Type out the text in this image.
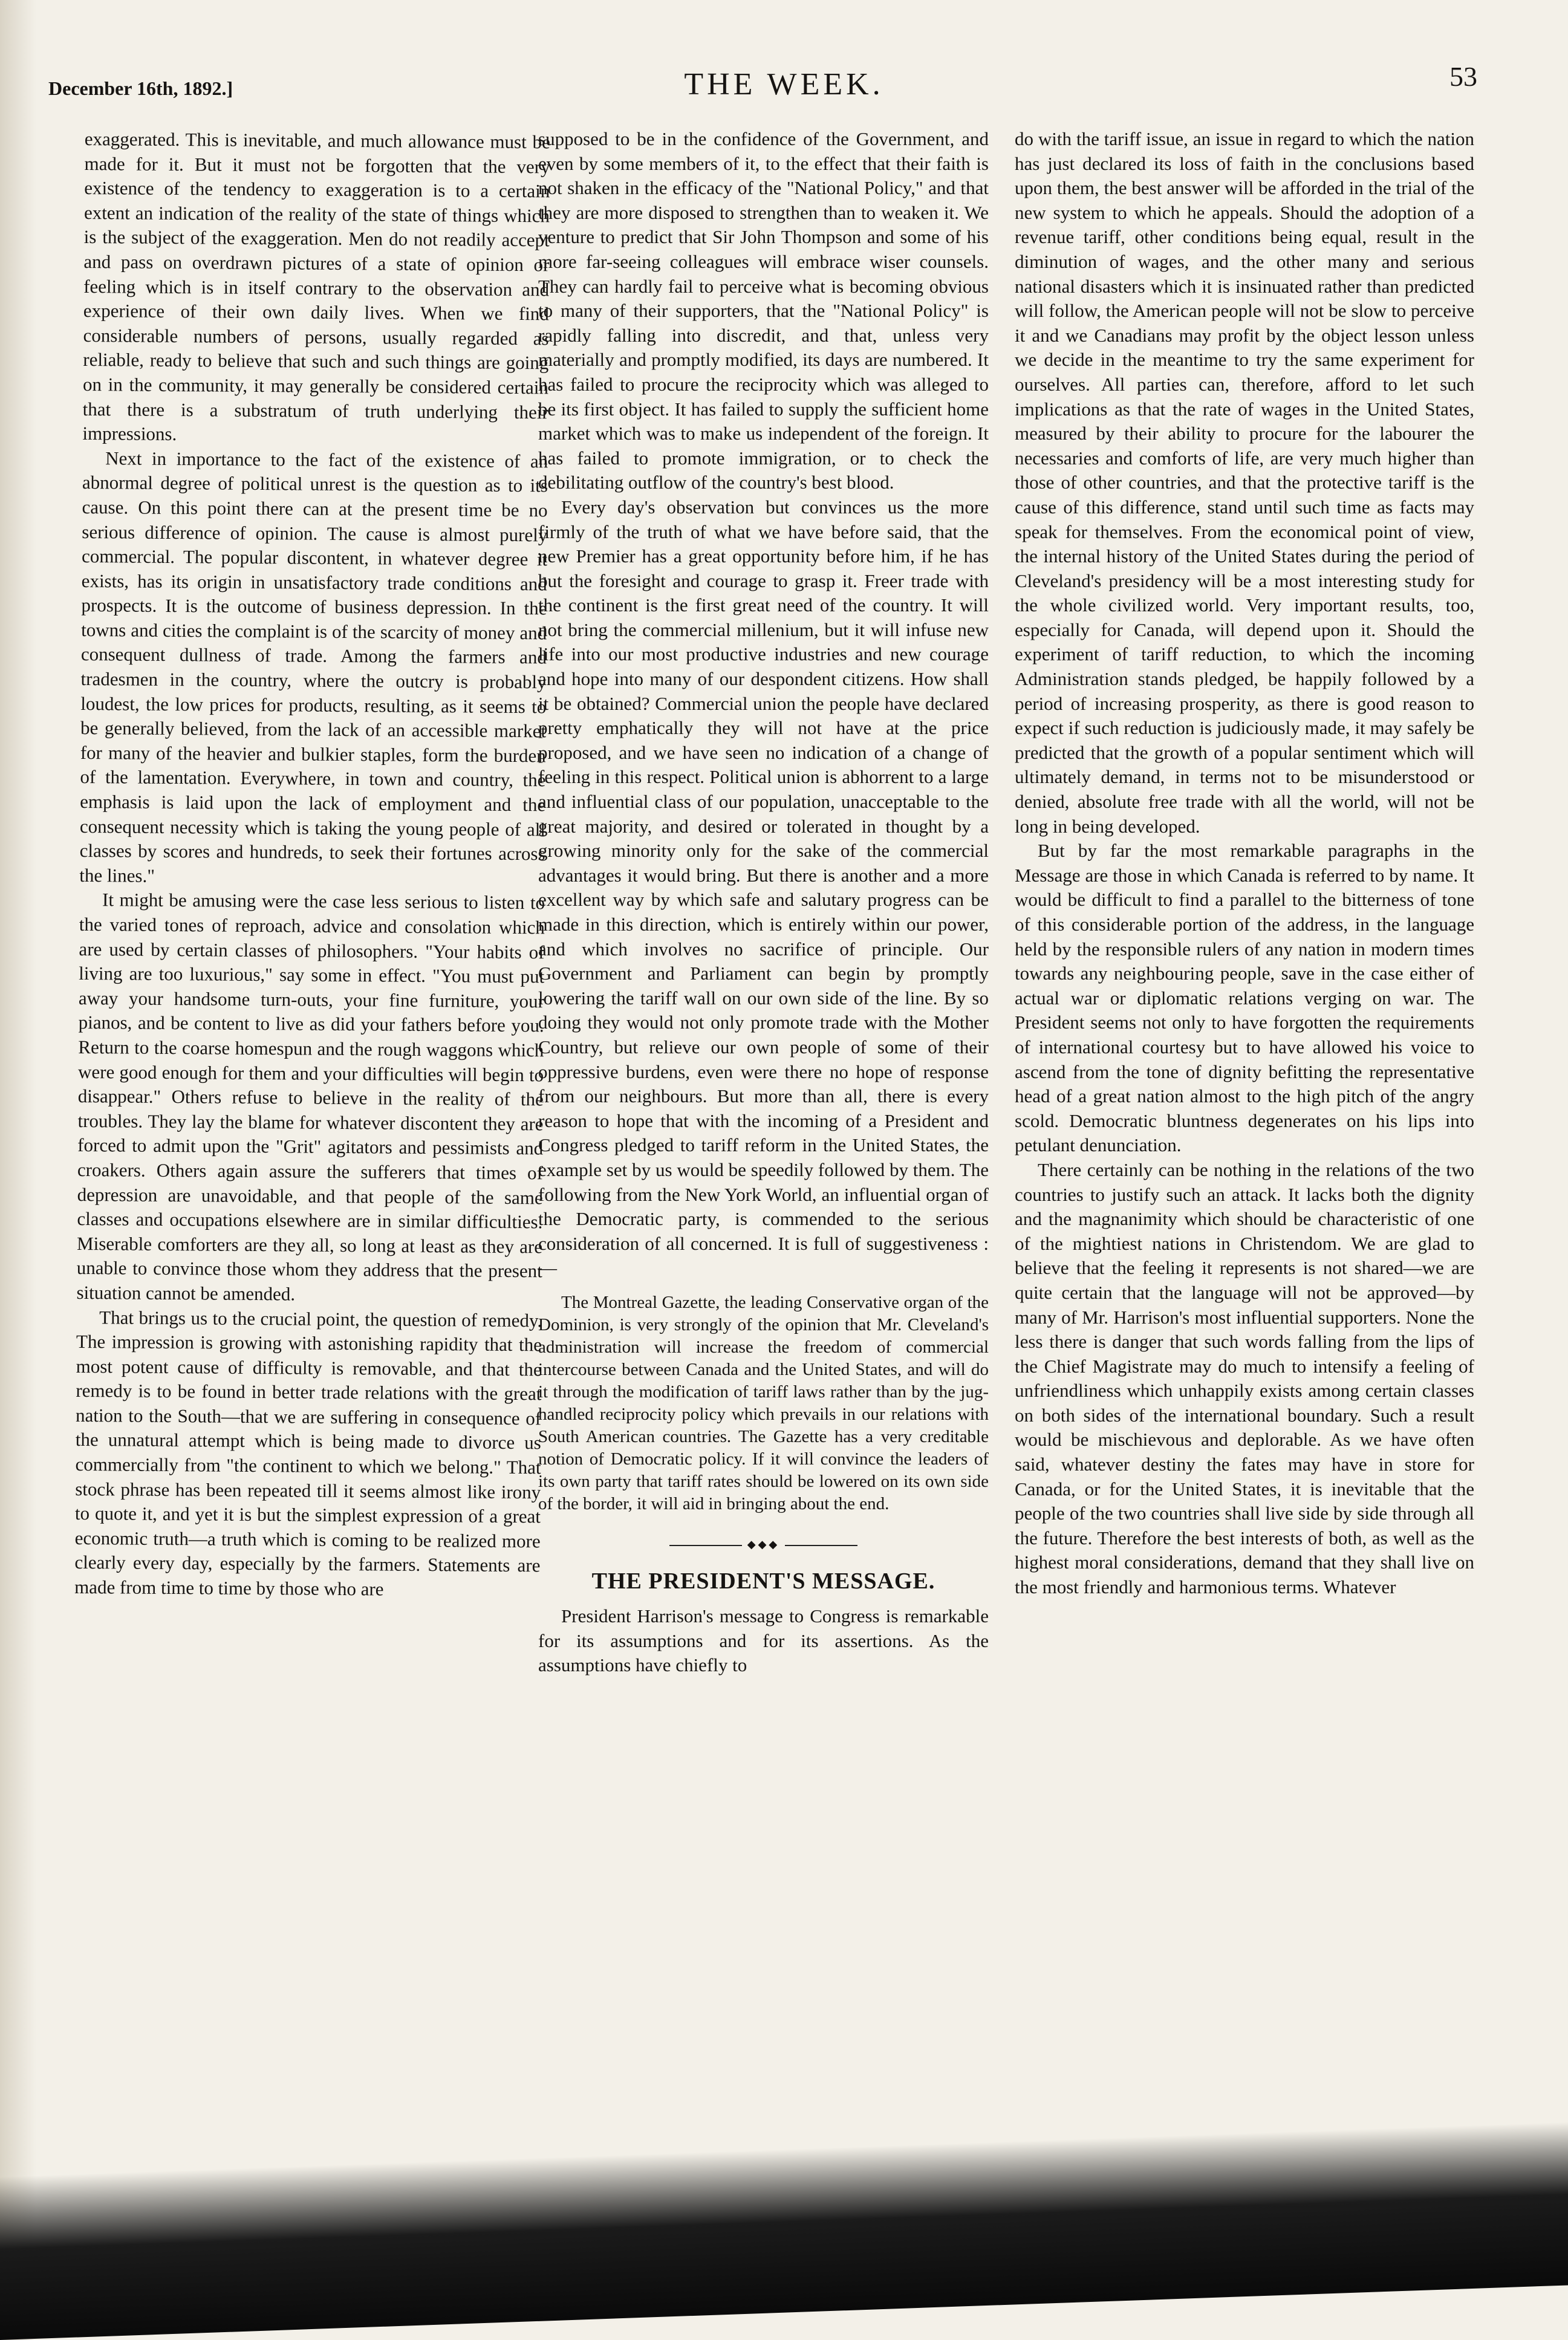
December 16th, 1892.]	THE WEEK.	53

exaggerated. This is inevitable, and much allowance must be made for it. But it must not be forgotten that the very existence of the tendency to exaggeration is to a certain extent an indication of the reality of the state of things which is the subject of the exaggeration. Men do not readily accept and pass on overdrawn pictures of a state of opinion or feeling which is in itself contrary to the observation and experience of their own daily lives. When we find considerable numbers of persons, usually regarded as reliable, ready to believe that such and such things are going on in the community, it may generally be considered certain that there is a substratum of truth underlying their impressions.

Next in importance to the fact of the existence of an abnormal degree of political unrest is the question as to its cause. On this point there can at the present time be no serious difference of opinion. The cause is almost purely commercial. The popular discontent, in whatever degree it exists, has its origin in unsatisfactory trade conditions and prospects. It is the outcome of business depression. In the towns and cities the complaint is of the scarcity of money and consequent dullness of trade. Among the farmers and tradesmen in the country, where the outcry is probably loudest, the low prices for products, resulting, as it seems to be generally believed, from the lack of an accessible market for many of the heavier and bulkier staples, form the burden of the lamentation. Everywhere, in town and country, the emphasis is laid upon the lack of employment and the consequent necessity which is taking the young people of all classes by scores and hundreds, to seek their fortunes across the lines."

It might be amusing were the case less serious to listen to the varied tones of reproach, advice and consolation which are used by certain classes of philosophers. "Your habits of living are too luxurious," say some in effect. "You must put away your handsome turn-outs, your fine furniture, your pianos, and be content to live as did your fathers before you. Return to the coarse homespun and the rough waggons which were good enough for them and your difficulties will begin to disappear." Others refuse to believe in the reality of the troubles. They lay the blame for whatever discontent they are forced to admit upon the "Grit" agitators and pessimists and croakers. Others again assure the sufferers that times of depression are unavoidable, and that people of the same classes and occupations elsewhere are in similar difficulties. Miserable comforters are they all, so long at least as they are unable to convince those whom they address that the present situation cannot be amended.

That brings us to the crucial point, the question of remedy. The impression is growing with astonishing rapidity that the most potent cause of difficulty is removable, and that the remedy is to be found in better trade relations with the great nation to the South—that we are suffering in consequence of the unnatural attempt which is being made to divorce us commercially from "the continent to which we belong." That stock phrase has been repeated till it seems almost like irony to quote it, and yet it is but the simplest expression of a great economic truth—a truth which is coming to be realized more clearly every day, especially by the farmers. Statements are made from time to time by those who are

supposed to be in the confidence of the Government, and even by some members of it, to the effect that their faith is not shaken in the efficacy of the "National Policy," and that they are more disposed to strengthen than to weaken it. We venture to predict that Sir John Thompson and some of his more far-seeing colleagues will embrace wiser counsels. They can hardly fail to perceive what is becoming obvious to many of their supporters, that the "National Policy" is rapidly falling into discredit, and that, unless very materially and promptly modified, its days are numbered. It has failed to procure the reciprocity which was alleged to be its first object. It has failed to supply the sufficient home market which was to make us independent of the foreign. It has failed to promote immigration, or to check the debilitating outflow of the country's best blood.

Every day's observation but convinces us the more firmly of the truth of what we have before said, that the new Premier has a great opportunity before him, if he has but the foresight and courage to grasp it. Freer trade with the continent is the first great need of the country. It will not bring the commercial millenium, but it will infuse new life into our most productive industries and new courage and hope into many of our despondent citizens. How shall it be obtained? Commercial union the people have declared pretty emphatically they will not have at the price proposed, and we have seen no indication of a change of feeling in this respect. Political union is abhorrent to a large and influential class of our population, unacceptable to the great majority, and desired or tolerated in thought by a growing minority only for the sake of the commercial advantages it would bring. But there is another and a more excellent way by which safe and salutary progress can be made in this direction, which is entirely within our power, and which involves no sacrifice of principle. Our Government and Parliament can begin by promptly lowering the tariff wall on our own side of the line. By so doing they would not only promote trade with the Mother Country, but relieve our own people of some of their oppressive burdens, even were there no hope of response from our neighbours. But more than all, there is every reason to hope that with the incoming of a President and Congress pledged to tariff reform in the United States, the example set by us would be speedily followed by them. The following from the New York World, an influential organ of the Democratic party, is commended to the serious consideration of all concerned. It is full of suggestiveness :—

The Montreal Gazette, the leading Conservative organ of the Dominion, is very strongly of the opinion that Mr. Cleveland's administration will increase the freedom of commercial intercourse between Canada and the United States, and will do it through the modification of tariff laws rather than by the jug-handled reciprocity policy which prevails in our relations with South American countries. The Gazette has a very creditable notion of Democratic policy. If it will convince the leaders of its own party that tariff rates should be lowered on its own side of the border, it will aid in bringing about the end.

◆◆◆
THE PRESIDENT'S MESSAGE.

President Harrison's message to Congress is remarkable for its assumptions and for its assertions. As the assumptions have chiefly to

do with the tariff issue, an issue in regard to which the nation has just declared its loss of faith in the conclusions based upon them, the best answer will be afforded in the trial of the new system to which he appeals. Should the adoption of a revenue tariff, other conditions being equal, result in the diminution of wages, and the other many and serious national disasters which it is insinuated rather than predicted will follow, the American people will not be slow to perceive it and we Canadians may profit by the object lesson unless we decide in the meantime to try the same experiment for ourselves. All parties can, therefore, afford to let such implications as that the rate of wages in the United States, measured by their ability to procure for the labourer the necessaries and comforts of life, are very much higher than those of other countries, and that the protective tariff is the cause of this difference, stand until such time as facts may speak for themselves. From the economical point of view, the internal history of the United States during the period of Cleveland's presidency will be a most interesting study for the whole civilized world. Very important results, too, especially for Canada, will depend upon it. Should the experiment of tariff reduction, to which the incoming Administration stands pledged, be happily followed by a period of increasing prosperity, as there is good reason to expect if such reduction is judiciously made, it may safely be predicted that the growth of a popular sentiment which will ultimately demand, in terms not to be misunderstood or denied, absolute free trade with all the world, will not be long in being developed.

But by far the most remarkable paragraphs in the Message are those in which Canada is referred to by name. It would be difficult to find a parallel to the bitterness of tone of this considerable portion of the address, in the language held by the responsible rulers of any nation in modern times towards any neighbouring people, save in the case either of actual war or diplomatic relations verging on war. The President seems not only to have forgotten the requirements of international courtesy but to have allowed his voice to ascend from the tone of dignity befitting the representative head of a great nation almost to the high pitch of the angry scold. Democratic bluntness degenerates on his lips into petulant denunciation.

There certainly can be nothing in the relations of the two countries to justify such an attack. It lacks both the dignity and the magnanimity which should be characteristic of one of the mightiest nations in Christendom. We are glad to believe that the feeling it represents is not shared—we are quite certain that the language will not be approved—by many of Mr. Harrison's most influential supporters. None the less there is danger that such words falling from the lips of the Chief Magistrate may do much to intensify a feeling of unfriendliness which unhappily exists among certain classes on both sides of the international boundary. Such a result would be mischievous and deplorable. As we have often said, whatever destiny the fates may have in store for Canada, or for the United States, it is inevitable that the people of the two countries shall live side by side through all the future. Therefore the best interests of both, as well as the highest moral considerations, demand that they shall live on the most friendly and harmonious terms. Whatever
